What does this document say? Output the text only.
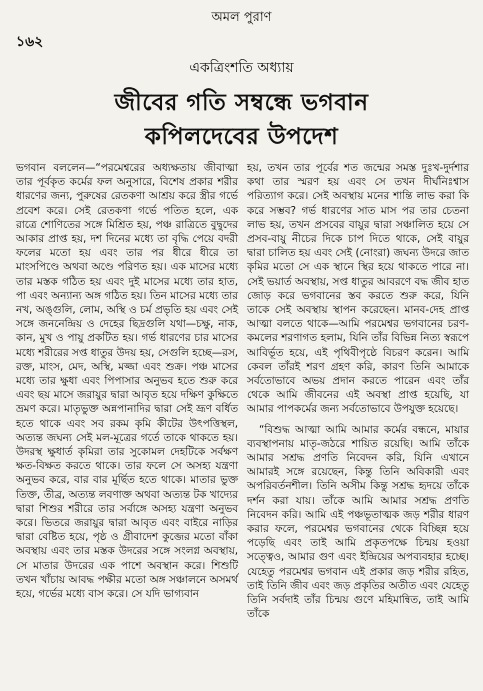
অমল পুরাণ
১৬২
একত্রিংশতি অধ্যায়
জীবের গতি সম্বন্ধে ভগবান
কপিলদেবের উপদেশ

ভগবান বললেন—“পরমেশ্বরের অধ্যক্ষতায় জীবাত্মা তার পূর্বকৃত কর্মের ফল অনুসারে, বিশেষ প্রকার শরীর ধারণের জন্য, পুরুষের রেতকণা আশ্রয় করে স্ত্রীর গর্ভে প্রবেশ করে। সেই রেতকণা গর্ভে পতিত হলে, এক রাত্রে শোণিতের সঙ্গে মিশ্রিত হয়, পঞ্চ রাত্রিতে বুদ্বুদের আকার প্রাপ্ত হয়, দশ দিনের মধ্যে তা বৃদ্ধি পেয়ে বদরী ফলের মতো হয় এবং তার পর ধীরে ধীরে তা মাংসপিণ্ডে অথবা অণ্ডে পরিণত হয়। এক মাসের মধ্যে তার মস্তক গঠিত হয় এবং দুই মাসের মধ্যে তার হাত, পা এবং অন্যান্য অঙ্গ গঠিত হয়। তিন মাসের মধ্যে তার নখ, অঙ্গুলি, লোম, অস্থি ও চর্ম প্রভৃতি হয় এবং সেই সঙ্গে জননেন্দ্রিয় ও দেহের ছিদ্রগুলি যথা—চক্ষু, নাক, কান, মুখ ও পায়ু প্রকটিত হয়। গর্ভ ধারণের চার মাসের মধ্যে শরীরের সপ্ত ধাতুর উদয় হয়, সেগুলি হচ্ছে—রস, রক্ত, মাংস, মেদ, অস্থি, মজ্জা এবং শুক্র। পঞ্চ মাসের মধ্যে তার ক্ষুধা এবং পিপাসার অনুভব হতে শুরু করে এবং ছয় মাসে জরায়ুর দ্বারা আবৃত হয়ে দক্ষিণ কুক্ষিতে ভ্রমণ করে। মাতৃভুক্ত অন্নপানাদির দ্বারা সেই ভ্রূণ বর্ধিত হতে থাকে এবং সব রকম কৃমি কীটের উৎপত্তিস্থল, অত্যন্ত জঘন্য সেই মল-মূত্রের গর্তে তাকে থাকতে হয়। উদরস্থ ক্ষুধার্ত কৃমিরা তার সুকোমল দেহটিকে সর্বক্ষণ ক্ষত-বিক্ষত করতে থাকে। তার ফলে সে অসহ্য যন্ত্রণা অনুভব করে, বার বার মূর্ছিত হতে থাকে। মাতার ভুক্ত তিক্ত, তীব্র, অত্যন্ত লবণাক্ত অথবা অত্যন্ত টক খাদ্যের দ্বারা শিশুর শরীরে তার সর্বাঙ্গে অসহ্য যন্ত্রণা অনুভব করে। ভিতরে জরায়ুর দ্বারা আবৃত এবং বাইরে নাড়ির দ্বারা বেষ্টিত হয়ে, পৃষ্ঠ ও গ্রীবাদেশ কুব্জের মতো বাঁকা অবস্থায় এবং তার মস্তক উদরের সঙ্গে সংলগ্ন অবস্থায়, সে মাতার উদরের এক পাশে অবস্থান করে। শিশুটি তখন খাঁচায় আবদ্ধ পক্ষীর মতো অঙ্গ সঞ্চালনে অসমর্থ হয়ে, গর্ভের মধ্যে বাস করে। সে যদি ভাগ্যবান

হয়, তখন তার পূর্বের শত জন্মের সমস্ত দুঃখ-দুর্দশার কথা তার স্মরণ হয় এবং সে তখন দীর্ঘনিঃশ্বাস পরিত্যাগ করে। সেই অবস্থায় মনের শান্তি লাভ করা কি করে সম্ভব? গর্ভ ধারণের সাত মাস পর তার চেতনা লাভ হয়, তখন প্রসবের বায়ুর দ্বারা সঞ্চালিত হয়ে সে প্রসব-বায়ু নীচের দিকে চাপ দিতে থাকে, সেই বায়ুর দ্বারা চালিত হয় এবং সেই (নোংরা) জঘন্য উদরে জাত কৃমির মতো সে এক স্থানে স্থির হয়ে থাকতে পারে না। সেই ভয়ার্ত অবস্থায়, সপ্ত ধাতুর আবরণে বদ্ধ জীব হাত জোড় করে ভগবানের স্তব করতে শুরু করে, যিনি তাকে সেই অবস্থায় স্থাপন করেছেন। মানব-দেহ প্রাপ্ত আত্মা বলতে থাকে—আমি পরমেশ্বর ভগবানের চরণ-কমলের শরণাগত হলাম, যিনি তাঁর বিভিন্ন নিত্য স্বরূপে আবির্ভূত হয়ে, এই পৃথিবীপৃষ্ঠে বিচরণ করেন। আমি কেবল তাঁরই শরণ গ্রহণ করি, কারণ তিনি আমাকে সর্বতোভাবে অভয় প্রদান করতে পারেন এবং তাঁর থেকে আমি জীবনের এই অবস্থা প্রাপ্ত হয়েছি, যা আমার পাপকর্মের জন্য সর্বতোভাবে উপযুক্ত হয়েছে।

“বিশুদ্ধ আত্মা আমি আমার কর্মের বন্ধনে, মায়ার ব্যবস্থাপনায় মাতৃ-জঠরে শায়িত রয়েছি। আমি তাঁকে আমার সশ্রদ্ধ প্রণতি নিবেদন করি, যিনি এখানে আমারই সঙ্গে রয়েছেন, কিন্তু তিনি অবিকারী এবং অপরিবর্তনশীল। তিনি অসীম কিন্তু সশ্রদ্ধ হৃদয়ে তাঁকে দর্শন করা যায়। তাঁকে আমি আমার সশ্রদ্ধ প্রণতি নিবেদন করি। আমি এই পঞ্চভূতাত্মক জড় শরীর ধারণ করার ফলে, পরমেশ্বর ভগবানের থেকে বিচ্ছিন্ন হয়ে পড়েছি এবং তাই আমি প্রকৃতপক্ষে চিন্ময় হওয়া সত্ত্বেও, আমার গুণ এবং ইন্দ্রিয়ের অপব্যবহার হচ্ছে। যেহেতু পরমেশ্বর ভগবান এই প্রকার জড় শরীর রহিত, তাই তিনি জীব এবং জড় প্রকৃতির অতীত এবং যেহেতু তিনি সর্বদাই তাঁর চিন্ময় গুণে মহিমান্বিত, তাই আমি তাঁকে
